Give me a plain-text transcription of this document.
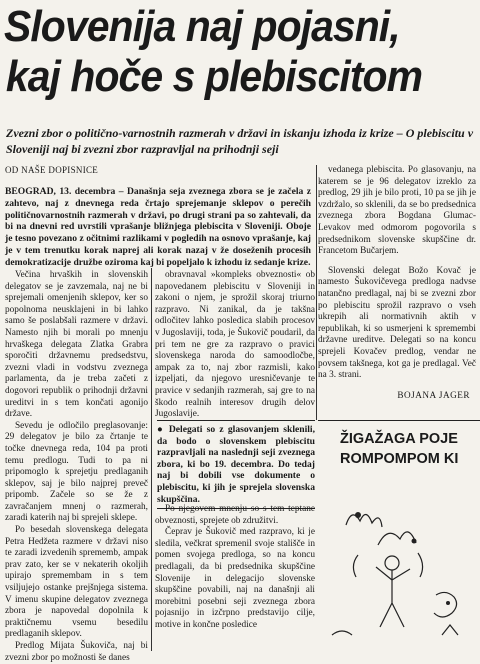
Slovenija naj pojasni,
kaj hoče s plebiscitom
Zvezni zbor o politično-varnostnih razmerah v državi in iskanju izhoda iz krize – O plebiscitu v Sloveniji naj bi zvezni zbor razpravljal na prihodnji seji
OD NAŠE DOPISNICE
BEOGRAD, 13. decembra – Današnja seja zveznega zbora se je začela z zahtevo, naj z dnevnega reda črtajo sprejemanje sklepov o perečih političnovarnostnih razmerah v državi, po drugi strani pa so zahtevali, da bi na dnevni red uvrstili vprašanje bližnjega plebiscita v Sloveniji. Oboje je tesno povezano z očitnimi razlikami v pogledih na osnovo vprašanje, kaj je v tem trenutku korak naprej ali korak nazaj v že doseženih procesih demokratizacije družbe oziroma kaj bi popeljalo k izhodu iz sedanje krize.

Večina hrvaških in slovenskih delegatov se je zavzemala, naj ne bi sprejemali omenjenih sklepov, ker so popolnoma neusklajeni in bi lahko samo še poslabšali razmere v državi. Namesto njih bi morali po mnenju hrvaškega delegata Zlatka Grabra sporočiti državnemu predsedstvu, zvezni vladi in vodstvu zveznega parlamenta, da je treba začeti z dogovori republik o prihodnji državni ureditvi in s tem končati agonijo države.

Sevedu je odločilo preglasovanje: 29 delegatov je bilo za črtanje te točke dnevnega reda, 104 pa proti temu predlogu. Tudi to pa ni pripomoglo k sprejetju predlaganih sklepov, saj je bilo najprej preveč pripomb. Začele so se že z zavračanjem mnenj o razmerah, zaradi katerih naj bi sprejeli sklepe.

Po besedah slovenskega delegata Petra Hedžeta razmere v državi niso te zaradi izvedenih sprememb, ampak prav zato, ker se v nekaterih okoljih upirajo spremembam in s tem vsiljujejo ostanke prejšnjega sistema. V imenu skupine delegatov zveznega zbora je napovedal dopolnila k praktičnemu vsemu besedilu predlaganih sklepov.

Predlog Mijata Šukoviča, naj bi zvezni zbor po možnosti še danes

obravnaval »kompleks obveznosti« ob napovedanem plebiscitu v Sloveniji in zakoni o njem, je sprožil skoraj triurno razpravo. Ni zanikal, da je takšna odločitev lahko posledica slabih procesov v Jugoslaviji, toda, je Šukovič poudaril, da pri tem ne gre za razpravo o pravici slovenskega naroda do samoodločbe, ampak za to, naj zbor razmisli, kako izpeljati, da njegovo uresničevanje te pravice v sedanjih razmerah, saj gre to na škodo realnih interesov drugih delov Jugoslavije.

● Delegati so z glasovanjem sklenili, da bodo o slovenskem plebiscitu razpravljali na naslednji seji zveznega zbora, ki bo 19. decembra. Do tedaj naj bi dobili vse dokumente o plebiscitu, ki jih je sprejela slovenska skupščina.

Po njegovem mnenju so s tem teptane obveznosti, sprejete ob združitvi.

Čeprav je Šukovič med razpravo, ki je sledila, večkrat spremenil svoje stališče in pomen svojega predloga, so na koncu predlagali, da bi predsednika skupščine Slovenije in delegacijo slovenske skupščine povabili, naj na današnji ali morebitni posebni seji zveznega zbora pojasnijo in izčrpno predstavijo cilje, motive in končne posledice

vedanega plebiscita. Po glasovanju, na katerem se je 96 delegatov izreklo za predlog, 29 jih je bilo proti, 10 pa se jih je vzdržalo, so sklenili, da se bo predsednica zveznega zbora Bogdana Glumac-Levakov med odmorom pogovorila s predsednikom slovenske skupščine dr. Francetom Bučarjem.

Slovenski delegat Božo Kovač je namesto Šukovičevega predloga nadvse natančno predlagal, naj bi se zvezni zbor po plebiscitu sprožil razpravo o vseh ukrepih ali normativnih aktih v republikah, ki so usmerjeni k spremembi državne ureditve. Delegati so na koncu sprejeli Kovačev predlog, vendar ne povsem takšnega, kot ga je predlagal. Več na 3. strani.

BOJANA JAGER
ŽIGAŽAGA POJE
ROMPOMPOM KI
